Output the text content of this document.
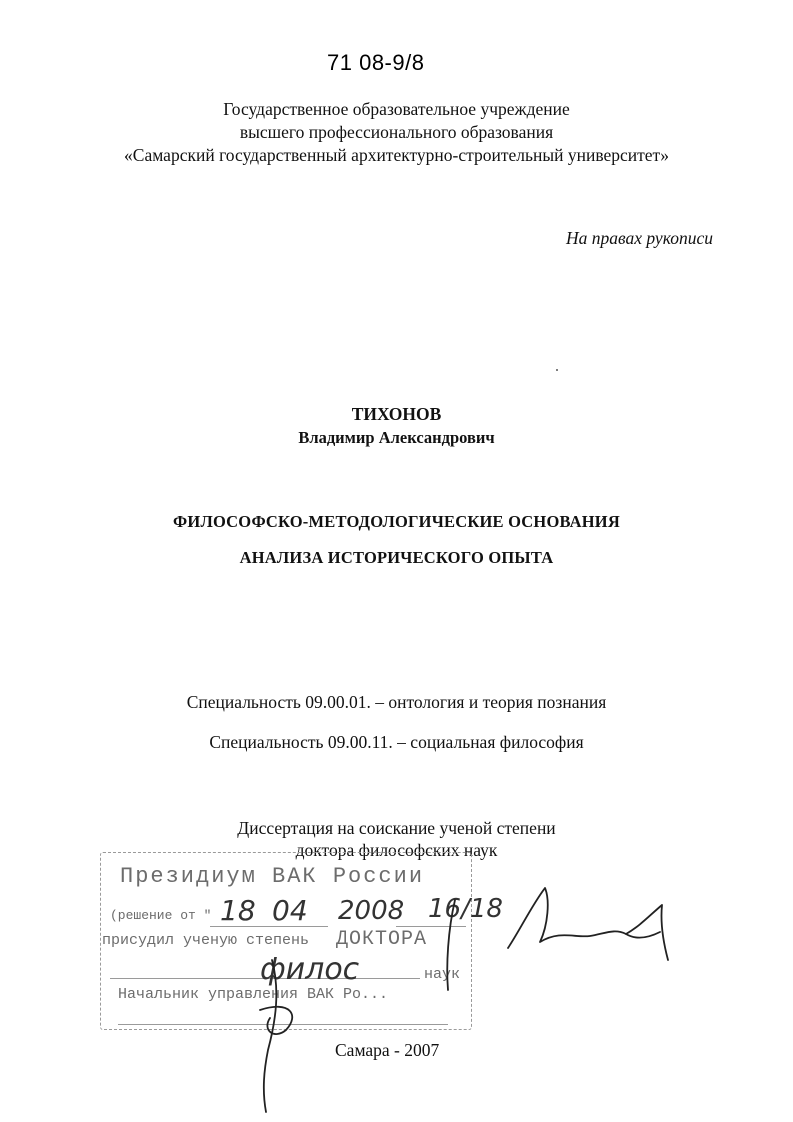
71 08-9/8
Государственное образовательное учреждение
высшего профессионального образования
«Самарский государственный архитектурно-строительный университет»
На правах рукописи
ТИХОНОВ
Владимир Александрович
ФИЛОСОФСКО-МЕТОДОЛОГИЧЕСКИЕ ОСНОВАНИЯ
АНАЛИЗА ИСТОРИЧЕСКОГО ОПЫТА
Специальность 09.00.01. – онтология и теория познания
Специальность 09.00.11. – социальная философия
Диссертация на соискание ученой степени
доктора философских наук
Президиум ВАК России
(решение от " 18 04 2008 16/18
присудил ученую степень ДОКТОРА
филос	наук
Начальник управления ВАК Ро...
Самара - 2007
